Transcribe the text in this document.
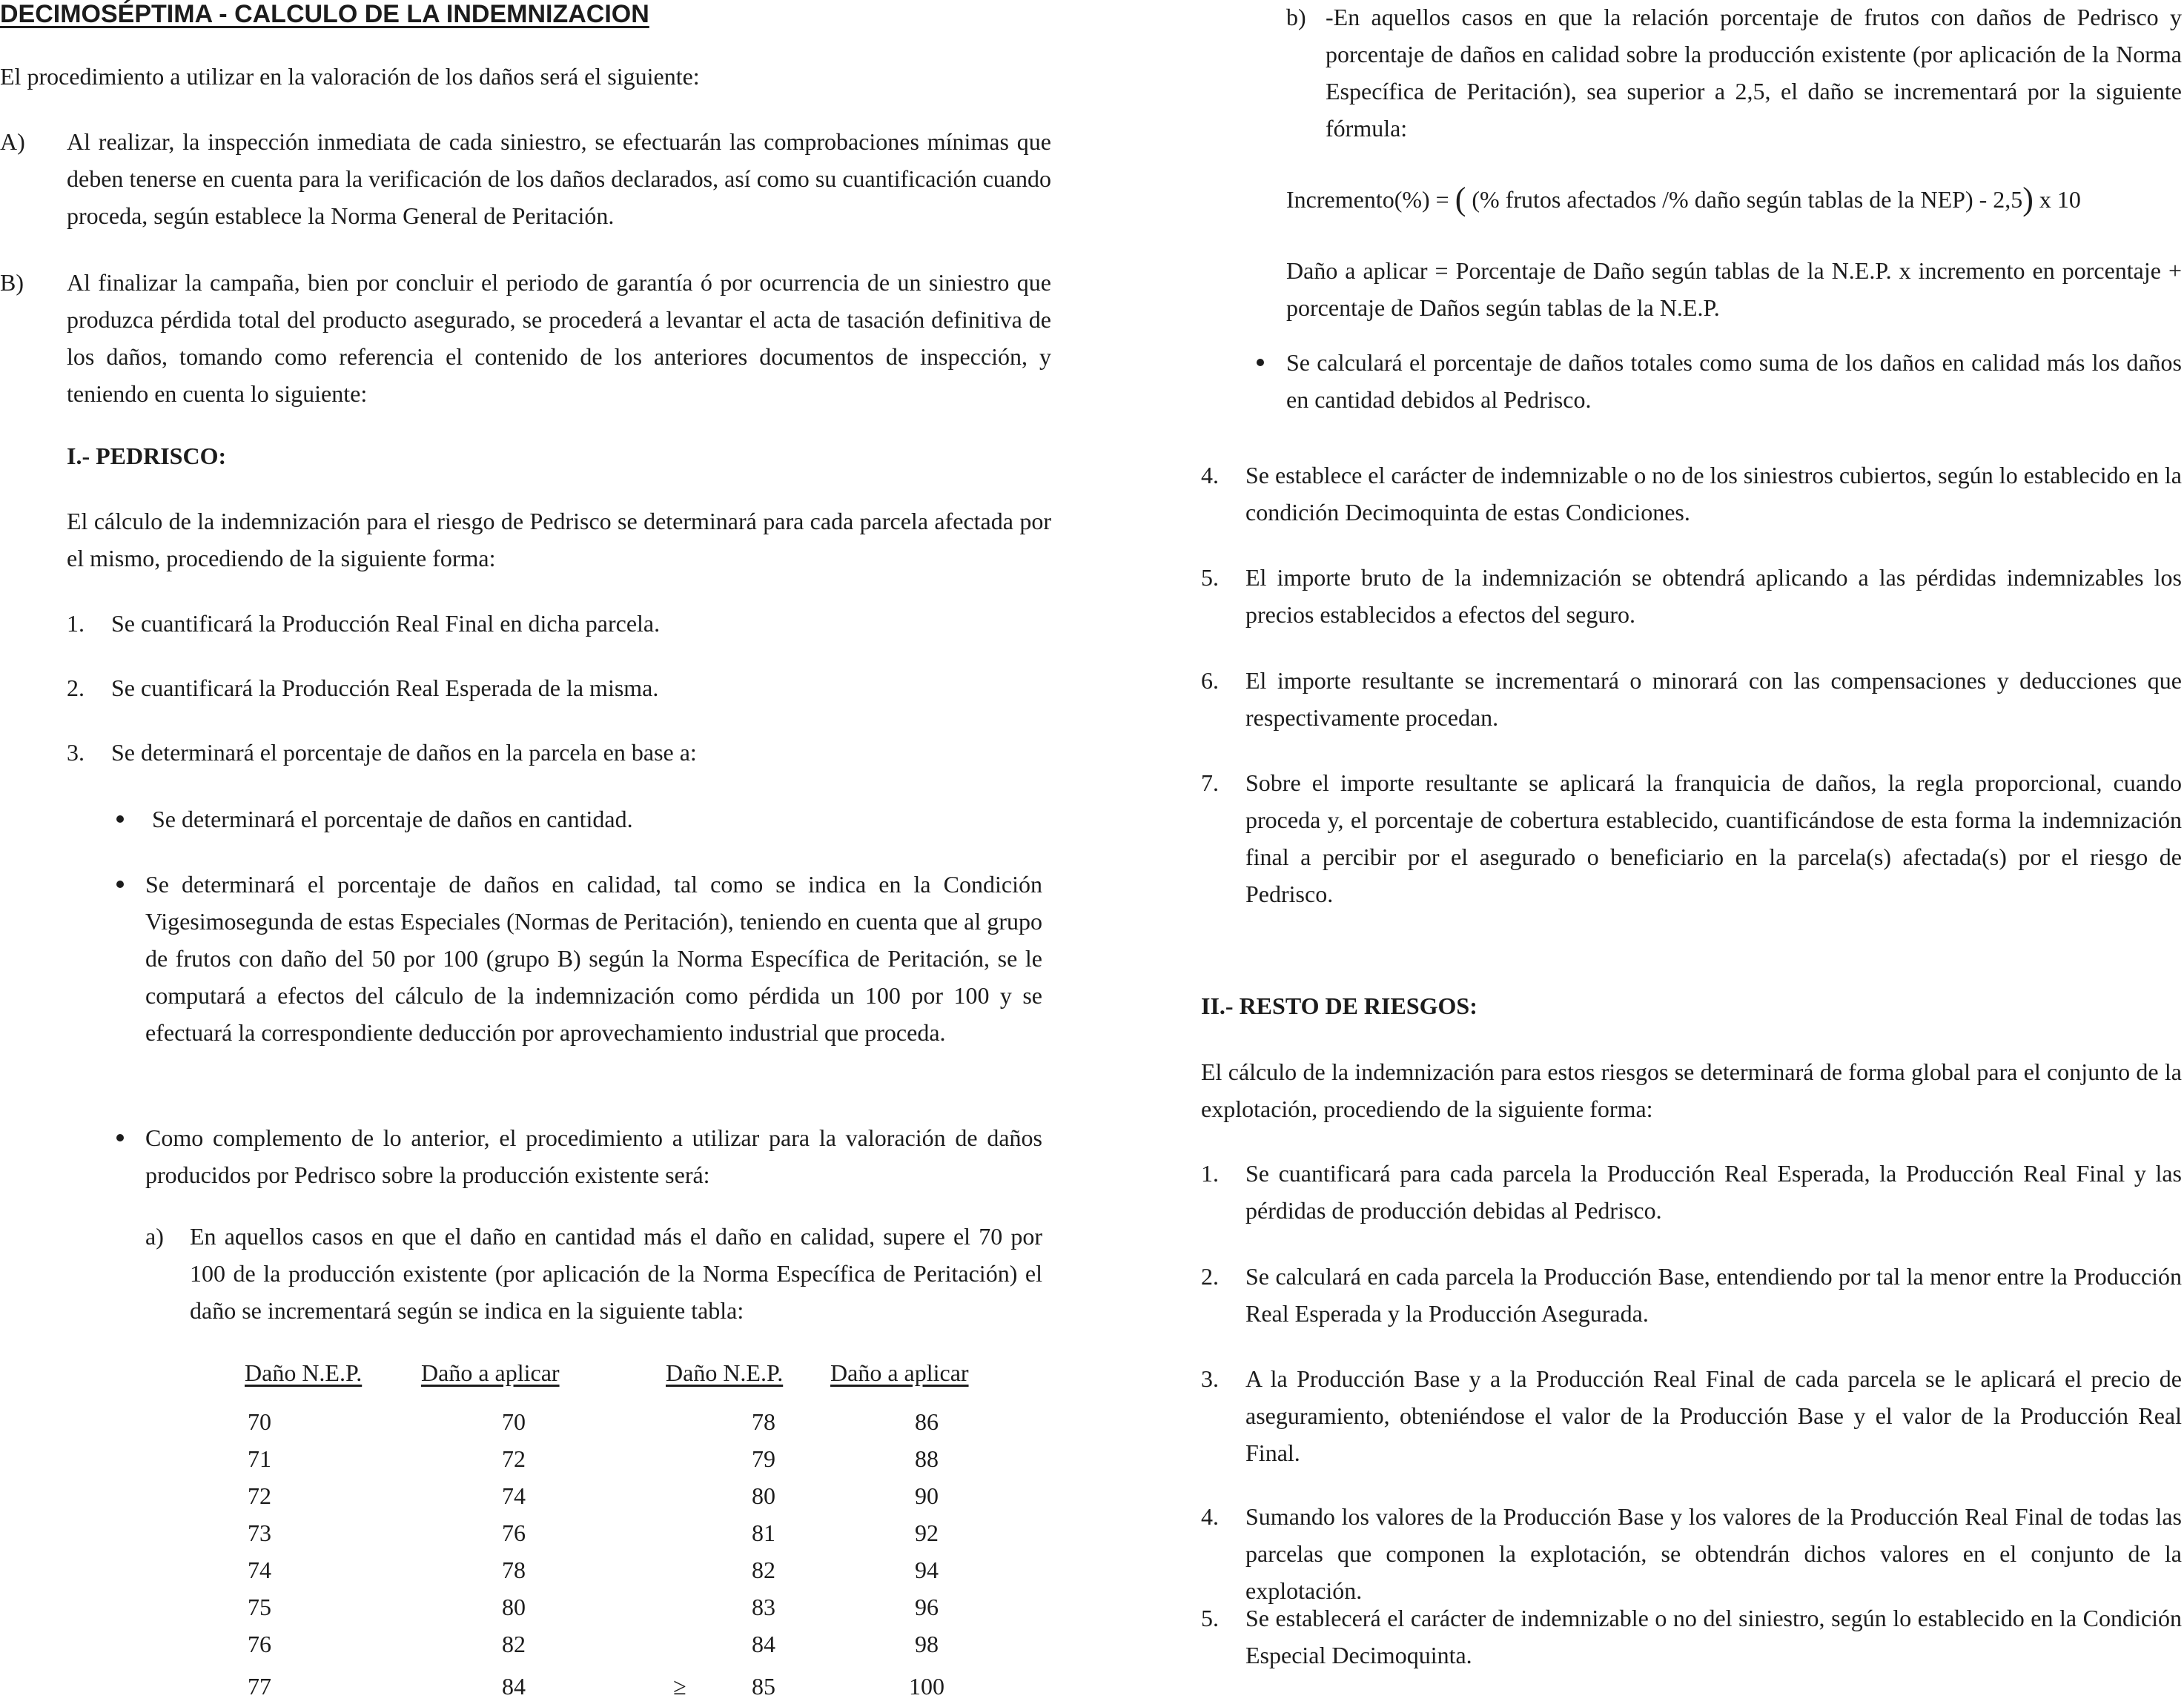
DECIMOSÉPTIMA - CALCULO DE LA INDEMNIZACION

El procedimiento a utilizar en la valoración de los daños será el siguiente:

A) Al realizar, la inspección inmediata de cada siniestro, se efectuarán las comprobaciones mínimas que deben tenerse en cuenta para la verificación de los daños declarados, así como su cuantificación cuando proceda, según establece la Norma General de Peritación.

B) Al finalizar la campaña, bien por concluir el periodo de garantía ó por ocurrencia de un siniestro que produzca pérdida total del producto asegurado, se procederá a levantar el acta de tasación definitiva de los daños, tomando como referencia el contenido de los anteriores documentos de inspección, y teniendo en cuenta lo siguiente:

I.- PEDRISCO:

El cálculo de la indemnización para el riesgo de Pedrisco se determinará para cada parcela afectada por el mismo, procediendo de la siguiente forma:

1. Se cuantificará la Producción Real Final en dicha parcela.

2. Se cuantificará la Producción Real Esperada de la misma.

3. Se determinará el porcentaje de daños en la parcela en base a:

Se determinará el porcentaje de daños en cantidad.

Se determinará el porcentaje de daños en calidad, tal como se indica en la Condición Vigesimosegunda de estas Especiales (Normas de Peritación), teniendo en cuenta que al grupo de frutos con daño del 50 por 100 (grupo B) según la Norma Específica de Peritación, se le computará a efectos del cálculo de la indemnización como pérdida un 100 por 100 y se efectuará la correspondiente deducción por aprovechamiento industrial que proceda.

Como complemento de lo anterior, el procedimiento a utilizar para la valoración de daños producidos por Pedrisco sobre la producción existente será:

a) En aquellos casos en que el daño en cantidad más el daño en calidad, supere el 70 por 100 de la producción existente (por aplicación de la Norma Específica de Peritación) el daño se incrementará según se indica en la siguiente tabla:

Daño N.E.P. Daño a aplicar	Daño N.E.P. Daño a aplicar
70	70	78	86
71	72	79	88
72	74	80	90
73	76	81	92
74	78	82	94
75	80	83	96
76	82	84	98
77	84	85	100
≥
b) -En aquellos casos en que la relación porcentaje de frutos con daños de Pedrisco y porcentaje de daños en calidad sobre la producción existente (por aplicación de la Norma Específica de Peritación), sea superior a 2,5, el daño se incrementará por la siguiente fórmula:

Incremento(%) = ( (% frutos afectados /% daño según tablas de la NEP) - 2,5) x 10

Daño a aplicar = Porcentaje de Daño según tablas de la N.E.P. x incremento en porcentaje + porcentaje de Daños según tablas de la N.E.P.

Se calculará el porcentaje de daños totales como suma de los daños en calidad más los daños en cantidad debidos al Pedrisco.

4. Se establece el carácter de indemnizable o no de los siniestros cubiertos, según lo establecido en la condición Decimoquinta de estas Condiciones.

5. El importe bruto de la indemnización se obtendrá aplicando a las pérdidas indemnizables los precios establecidos a efectos del seguro.

6. El importe resultante se incrementará o minorará con las compensaciones y deducciones que respectivamente procedan.

7. Sobre el importe resultante se aplicará la franquicia de daños, la regla proporcional, cuando proceda y, el porcentaje de cobertura establecido, cuantificándose de esta forma la indemnización final a percibir por el asegurado o beneficiario en la parcela(s) afectada(s) por el riesgo de Pedrisco.

II.- RESTO DE RIESGOS:

El cálculo de la indemnización para estos riesgos se determinará de forma global para el conjunto de la explotación, procediendo de la siguiente forma:

1. Se cuantificará para cada parcela la Producción Real Esperada, la Producción Real Final y las pérdidas de producción debidas al Pedrisco.

2. Se calculará en cada parcela la Producción Base, entendiendo por tal la menor entre la Producción Real Esperada y la Producción Asegurada.

3. A la Producción Base y a la Producción Real Final de cada parcela se le aplicará el precio de aseguramiento, obteniéndose el valor de la Producción Base y el valor de la Producción Real Final.

4. Sumando los valores de la Producción Base y los valores de la Producción Real Final de todas las parcelas que componen la explotación, se obtendrán dichos valores en el conjunto de la explotación.

5. Se establecerá el carácter de indemnizable o no del siniestro, según lo establecido en la Condición Especial Decimoquinta.
